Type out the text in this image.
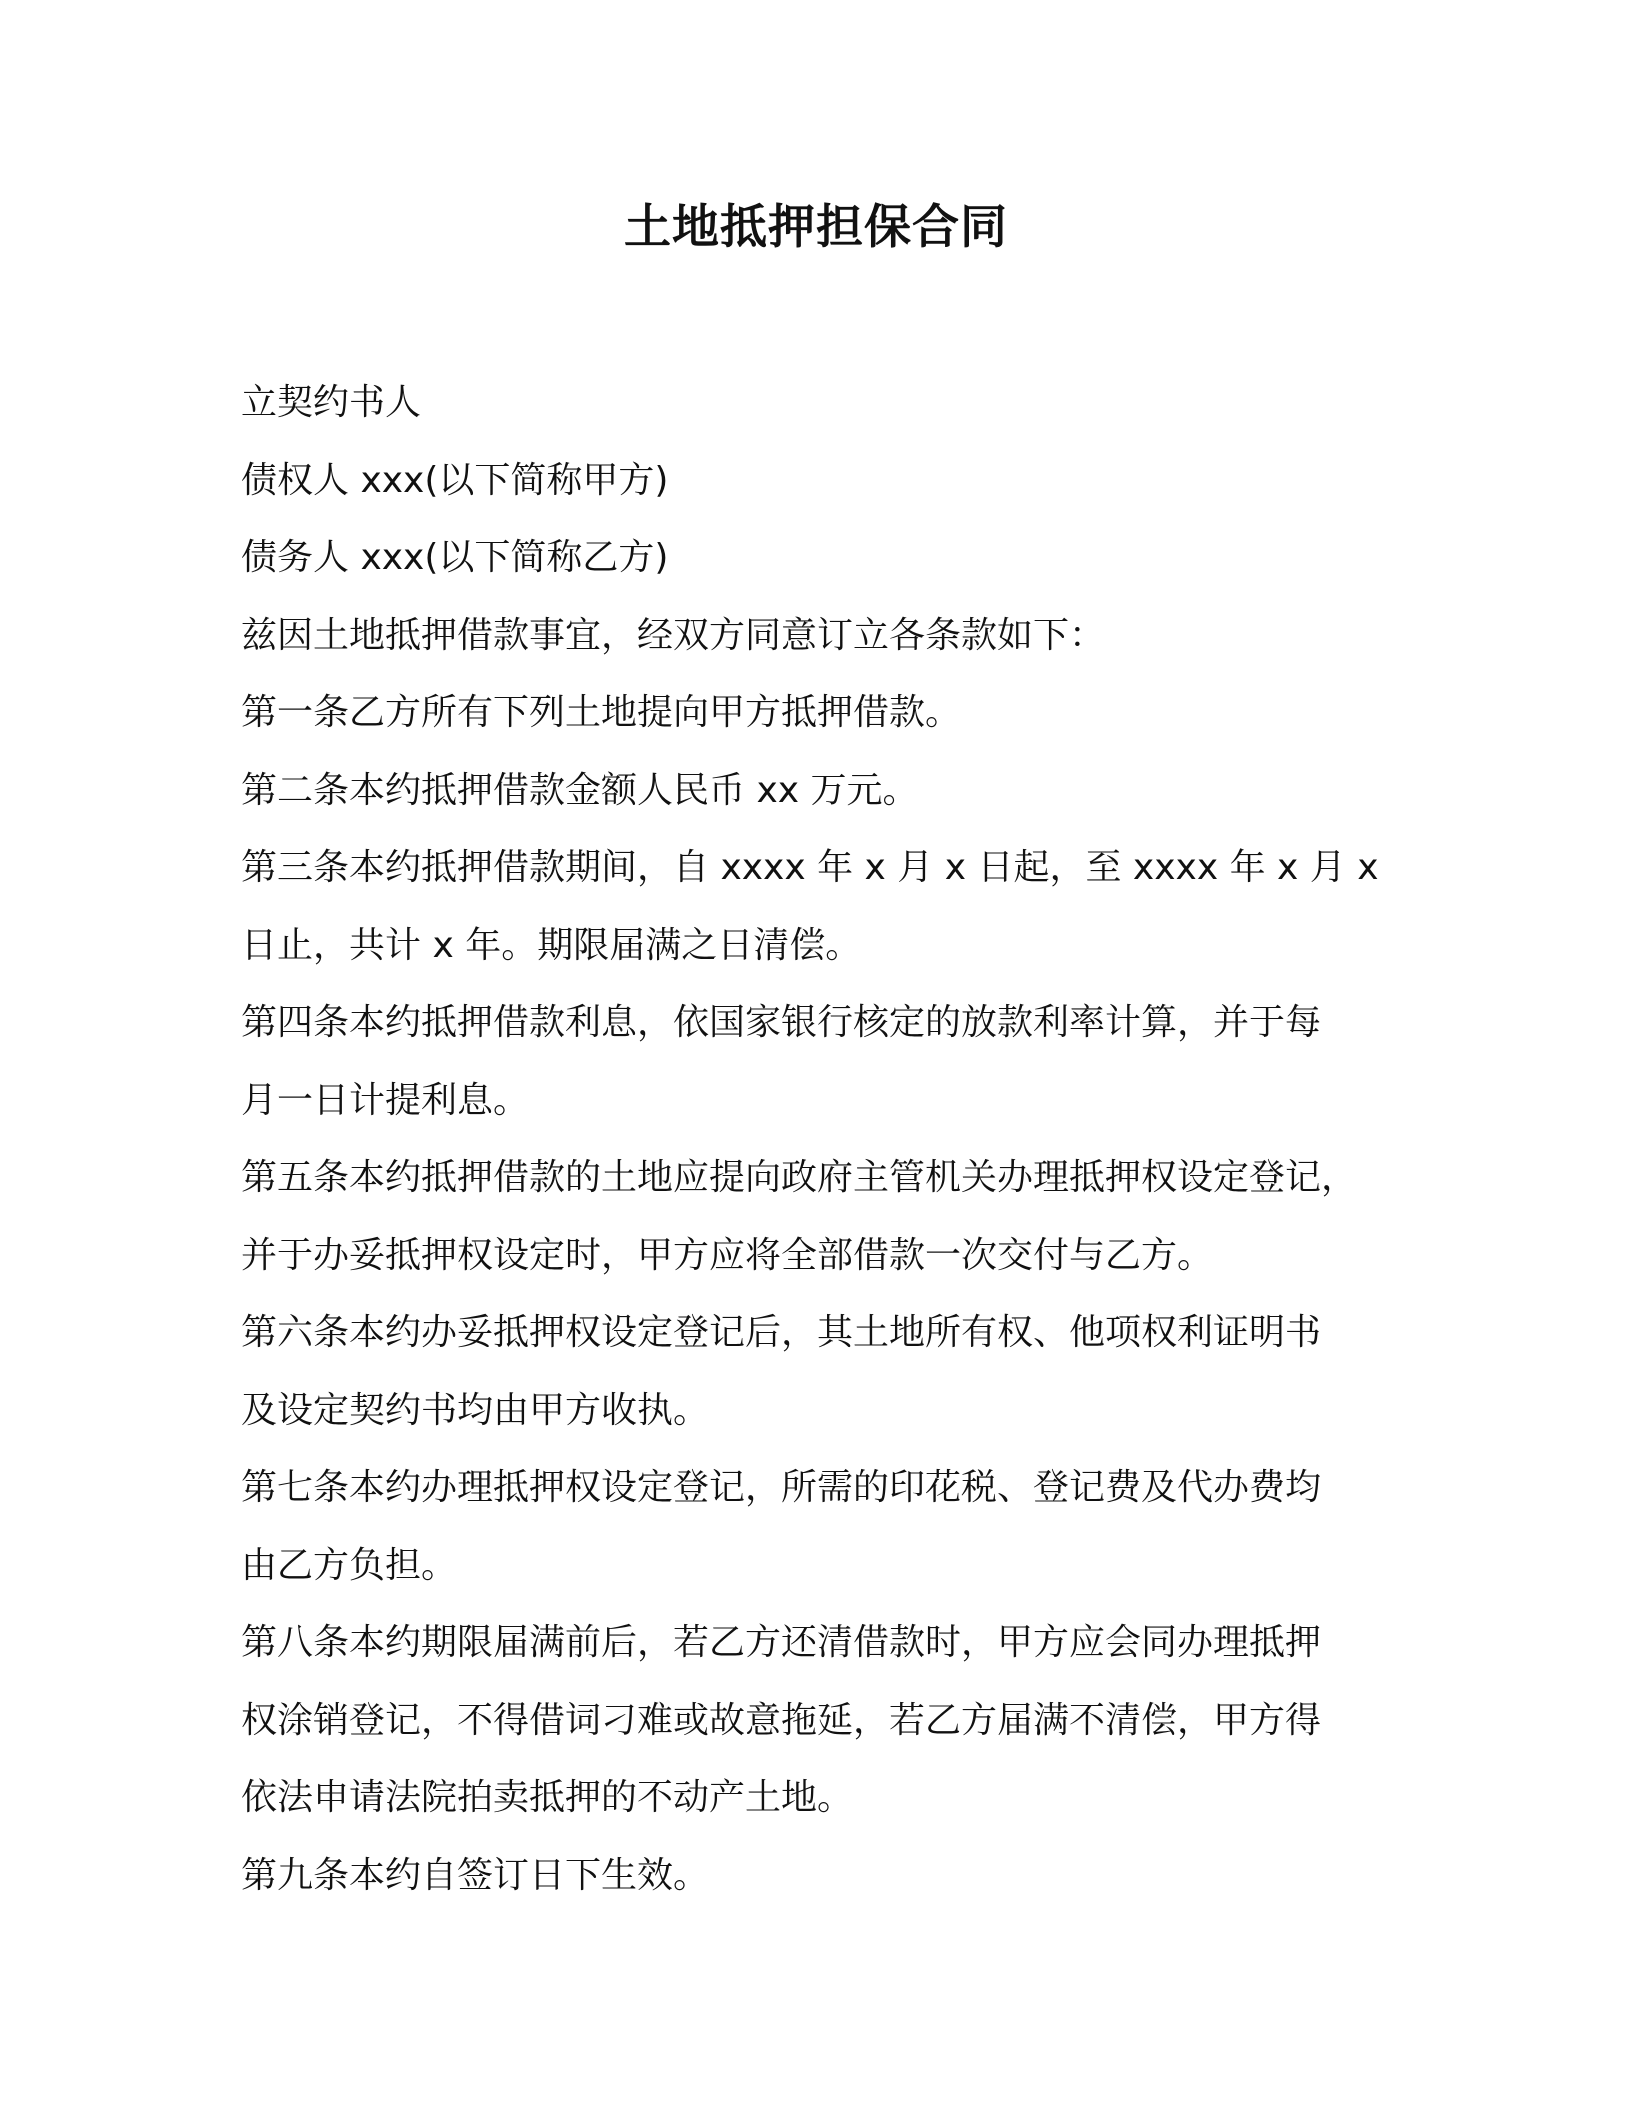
土地抵押担保合同

立契约书人

债权人 xxx(以下简称甲方)

债务人 xxx(以下简称乙方)

兹因土地抵押借款事宜，经双方同意订立各条款如下：

第一条乙方所有下列土地提向甲方抵押借款。

第二条本约抵押借款金额人民币 xx 万元。

第三条本约抵押借款期间，自 xxxx 年 x 月 x 日起，至 xxxx 年 x 月 x

日止，共计 x 年。期限届满之日清偿。

第四条本约抵押借款利息，依国家银行核定的放款利率计算，并于每

月一日计提利息。

第五条本约抵押借款的土地应提向政府主管机关办理抵押权设定登记，

并于办妥抵押权设定时，甲方应将全部借款一次交付与乙方。

第六条本约办妥抵押权设定登记后，其土地所有权、他项权利证明书

及设定契约书均由甲方收执。

第七条本约办理抵押权设定登记，所需的印花税、登记费及代办费均

由乙方负担。

第八条本约期限届满前后，若乙方还清借款时，甲方应会同办理抵押

权涂销登记，不得借词刁难或故意拖延，若乙方届满不清偿，甲方得

依法申请法院拍卖抵押的不动产土地。

第九条本约自签订日下生效。
